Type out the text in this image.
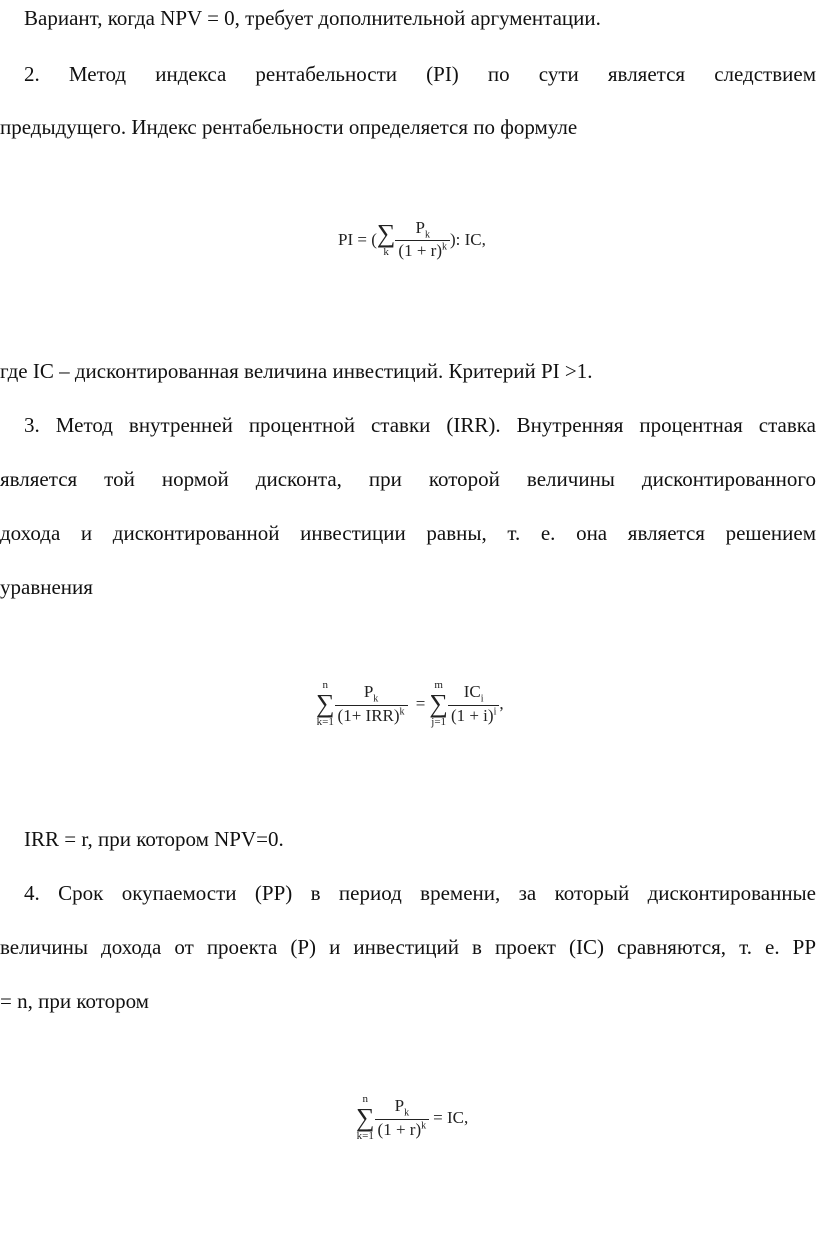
Вариант, когда NPV = 0, требует дополнительной аргументации.
2. Метод индекса рентабельности (PI) по сути является следствием
предыдущего. Индекс рентабельности определяется по формуле
PI = ( ∑
k $\frac{P_k}{(1 + r)^k}$ ): IC,
где IC – дисконтированная величина инвестиций. Критерий PI >1.
3. Метод внутренней процентной ставки (IRR). Внутренняя процентная ставка
является той нормой дисконта, при которой величины дисконтированного
дохода и дисконтированной инвестиции равны, т. е. она является решением
уравнения
n
∑
$k=1 \frac{P_k}{(1+ IRR)^k}$ =
m
∑
$j=1 \frac{IC_i}{(1 + i)^i}$ ,
IRR = r, при котором NPV=0.
4. Срок окупаемости (PP) в период времени, за который дисконтированные
величины дохода от проекта (P) и инвестиций в проект (IC) сравняются, т. е. PP
= n, при котором
n
∑
$k=1 \frac{P_k}{(1 + r)^k}$ = IC,
